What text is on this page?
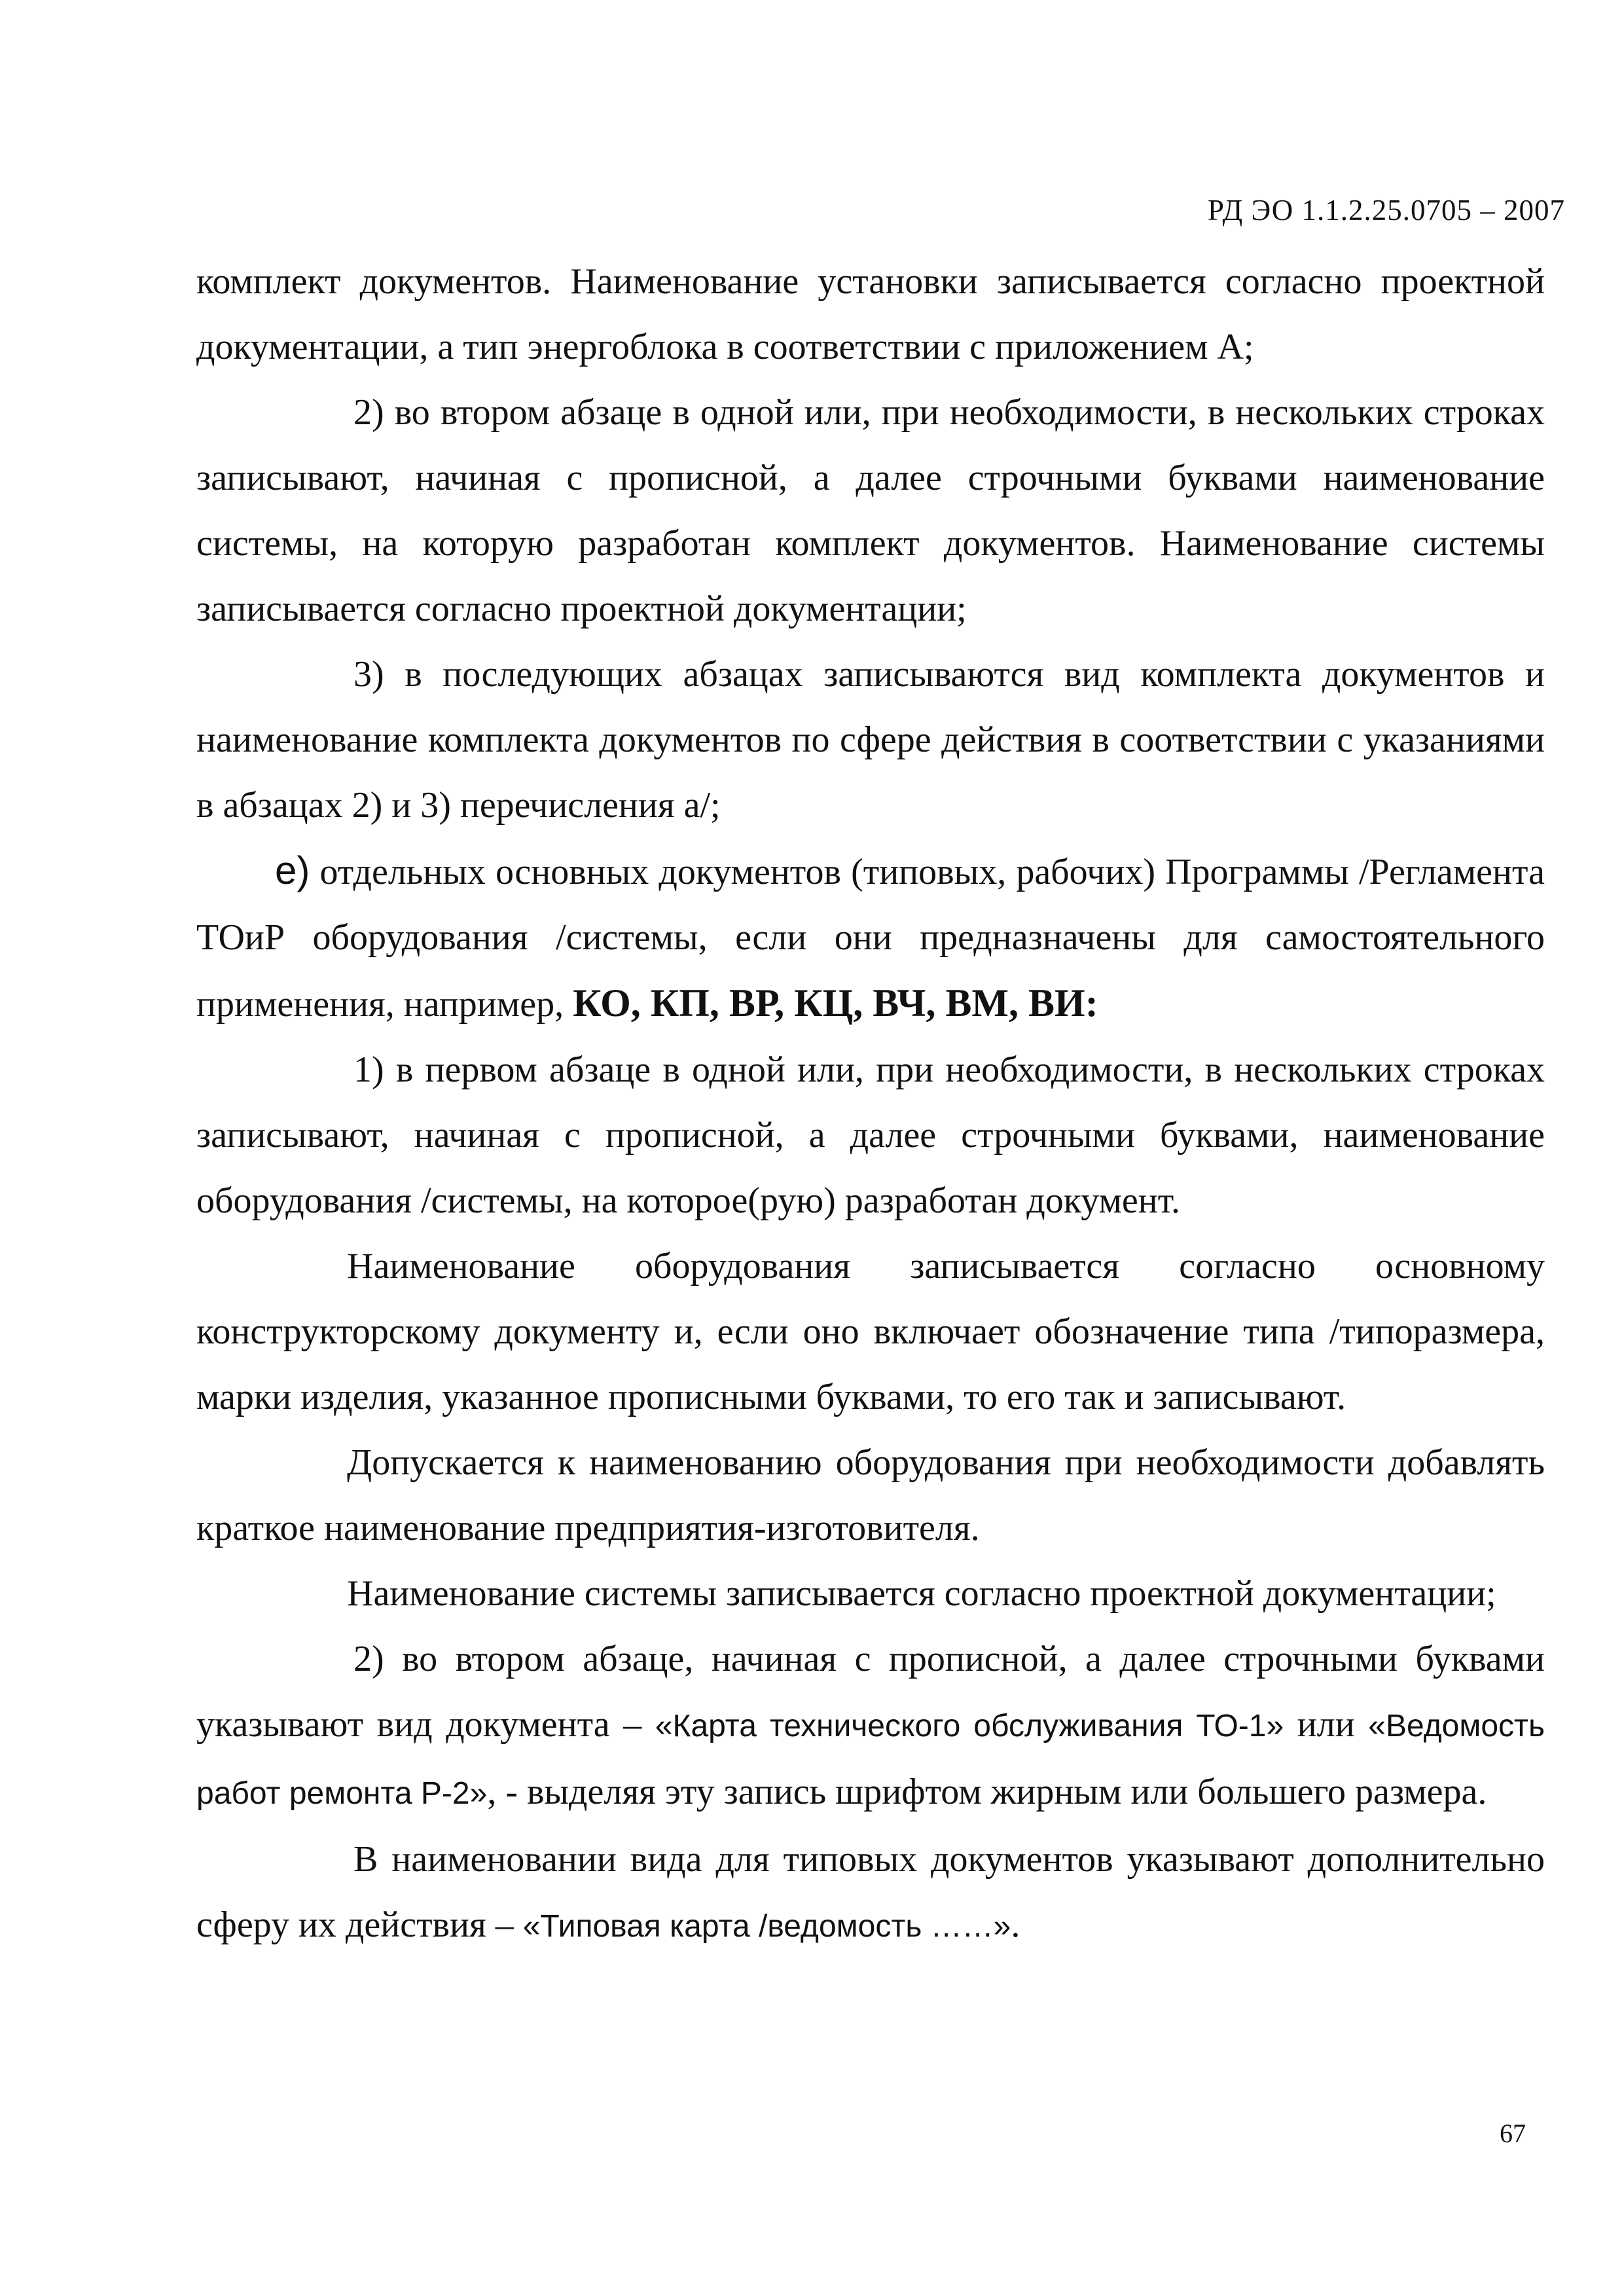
РД ЭО 1.1.2.25.0705 – 2007

комплект документов. Наименование установки записывается согласно проектной документации, а тип энергоблока в соответствии с приложением А;

2) во втором абзаце в одной или, при необходимости, в нескольких строках записывают, начиная с прописной, а далее строчными буквами наименование системы, на которую разработан комплект документов. Наименование системы записывается согласно проектной документации;

3) в последующих абзацах записываются вид комплекта документов и наименование комплекта документов по сфере действия в соответствии с указаниями в абзацах 2) и 3) перечисления а/;

е) отдельных основных документов (типовых, рабочих) Программы /Регламента ТОиР оборудования /системы, если они предназначены для самостоятельного применения, например, КО, КП, ВР, КЦ, ВЧ, ВМ, ВИ:

1) в первом абзаце в одной или, при необходимости, в нескольких строках записывают, начиная с прописной, а далее строчными буквами, наименование оборудования /системы, на которое(рую) разработан документ.

Наименование оборудования записывается согласно основному конструкторскому документу и, если оно включает обозначение типа /типоразмера, марки изделия, указанное прописными буквами, то его так и записывают.

Допускается к наименованию оборудования при необходимости добавлять краткое наименование предприятия-изготовителя.

Наименование системы записывается согласно проектной документации;

2) во втором абзаце, начиная с прописной, а далее строчными буквами указывают вид документа – «Карта технического обслуживания ТО-1» или «Ведомость работ ремонта Р-2», - выделяя эту запись шрифтом жирным или большего размера.

В наименовании вида для типовых документов указывают дополнительно сферу их действия – «Типовая карта /ведомость ……».

67
